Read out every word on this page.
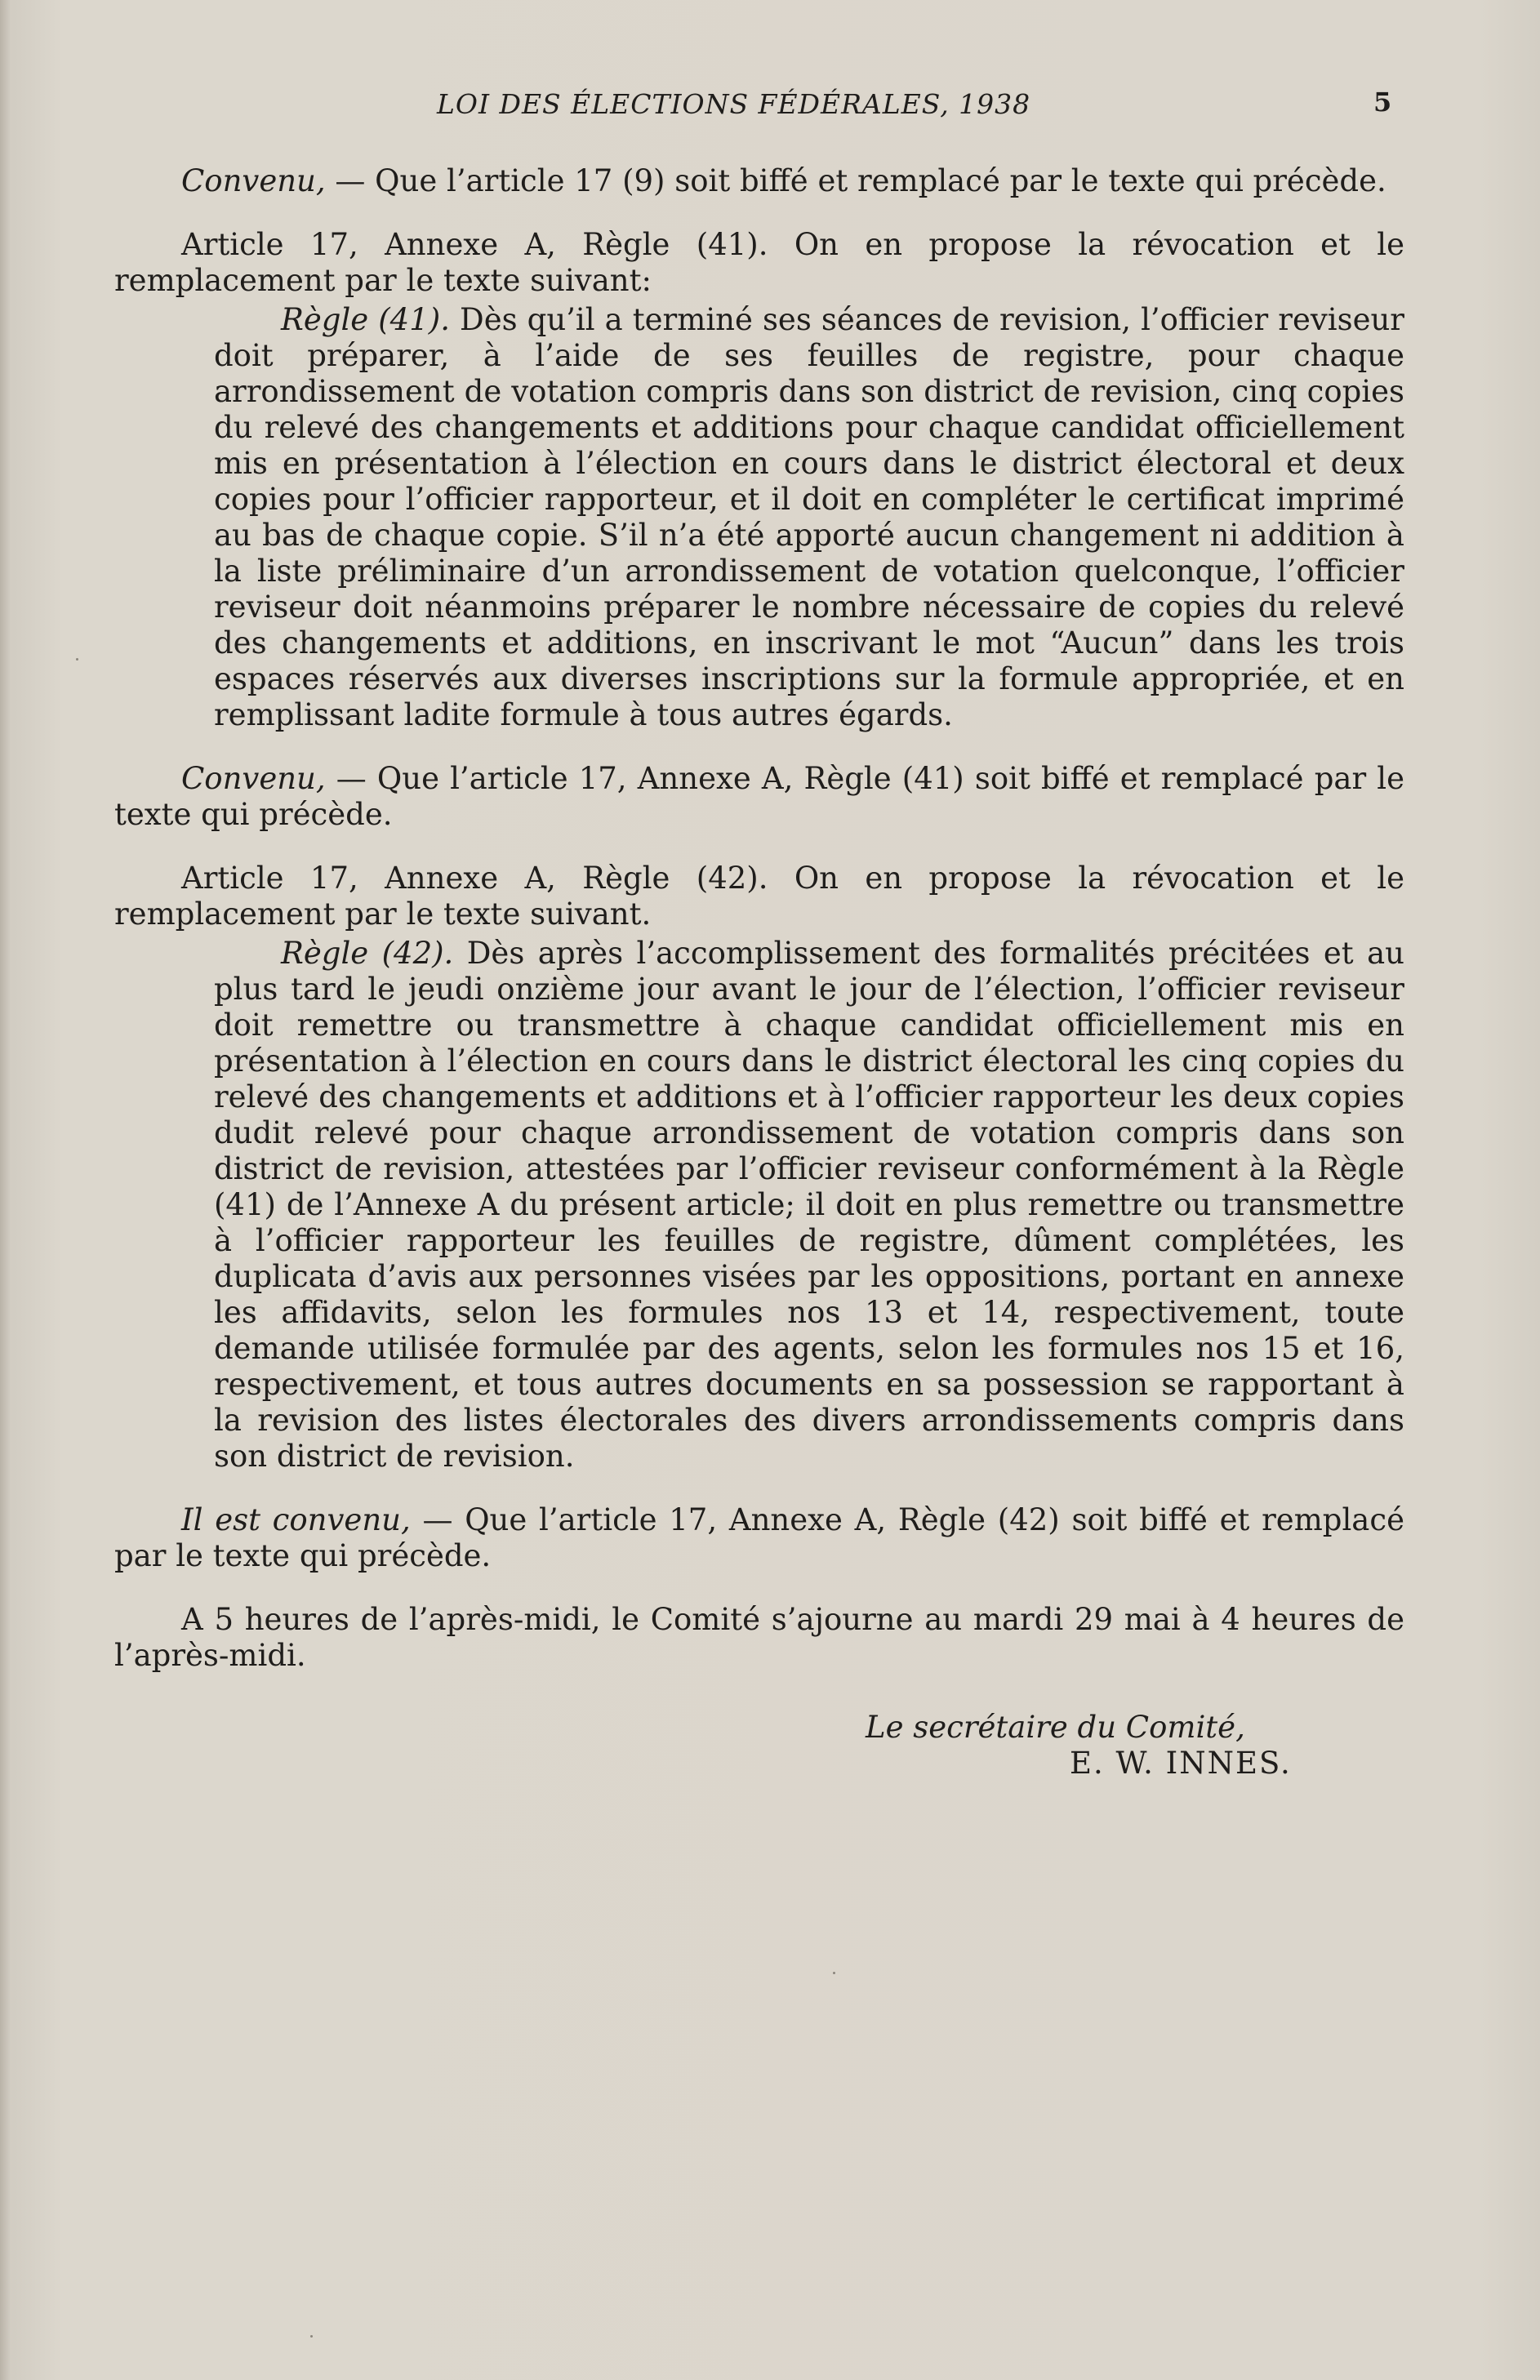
LOI DES ÉLECTIONS FÉDÉRALES, 1938	5

Convenu, — Que l’article 17 (9) soit biffé et remplacé par le texte qui précède.

Article 17, Annexe A, Règle (41). On en propose la révocation et le remplacement par le texte suivant:

Règle (41). Dès qu’il a terminé ses séances de revision, l’officier reviseur doit préparer, à l’aide de ses feuilles de registre, pour chaque arrondissement de votation compris dans son district de revision, cinq copies du relevé des changements et additions pour chaque candidat officiellement mis en présentation à l’élection en cours dans le district électoral et deux copies pour l’officier rapporteur, et il doit en compléter le certificat imprimé au bas de chaque copie. S’il n’a été apporté aucun changement ni addition à la liste préliminaire d’un arrondissement de votation quelconque, l’officier reviseur doit néanmoins préparer le nombre nécessaire de copies du relevé des changements et additions, en inscrivant le mot “Aucun” dans les trois espaces réservés aux diverses inscriptions sur la formule appropriée, et en remplissant ladite formule à tous autres égards.

Convenu, — Que l’article 17, Annexe A, Règle (41) soit biffé et remplacé par le texte qui précède.

Article 17, Annexe A, Règle (42). On en propose la révocation et le remplacement par le texte suivant.

Règle (42). Dès après l’accomplissement des formalités précitées et au plus tard le jeudi onzième jour avant le jour de l’élection, l’officier reviseur doit remettre ou transmettre à chaque candidat officiellement mis en présentation à l’élection en cours dans le district électoral les cinq copies du relevé des changements et additions et à l’officier rapporteur les deux copies dudit relevé pour chaque arrondissement de votation compris dans son district de revision, attestées par l’officier reviseur conformément à la Règle (41) de l’Annexe A du présent article; il doit en plus remettre ou transmettre à l’officier rapporteur les feuilles de registre, dûment complétées, les duplicata d’avis aux personnes visées par les oppositions, portant en annexe les affidavits, selon les formules nos 13 et 14, respectivement, toute demande utilisée formulée par des agents, selon les formules nos 15 et 16, respectivement, et tous autres documents en sa possession se rapportant à la revision des listes électorales des divers arrondissements compris dans son district de revision.

Il est convenu, — Que l’article 17, Annexe A, Règle (42) soit biffé et remplacé par le texte qui précède.

A 5 heures de l’après-midi, le Comité s’ajourne au mardi 29 mai à 4 heures de l’après-midi.

Le secrétaire du Comité,
E. W. INNES.
